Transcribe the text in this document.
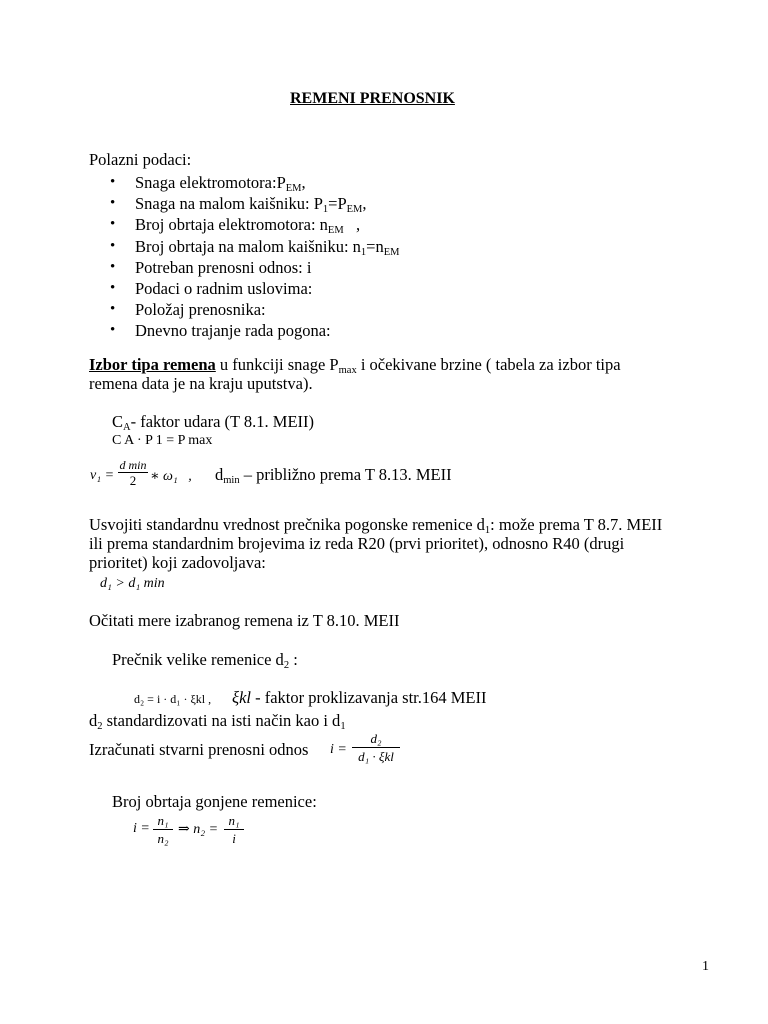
REMENI PRENOSNIK
Polazni podaci:
• Snaga $elektromotora:P_{EM}$,
• Snaga na malom kaišniku: $P_1=P_{EM}$,
• Broj obrtaja elektromotora: $n_{EM}$   ,
• Broj obrtaja na malom kaišniku: $n_1=n_{EM}$
• Potreban prenosni odnos: i
• Podaci o radnim uslovima:
• Položaj prenosnika:
• Dnevno trajanje rada pogona:
Izbor tipa remena u funkciji snage $P_{max}$ i očekivane brzine ( tabela za izbor tipa
remena data je na kraju uputstva).
$C_A-$ faktor udara (T 8.1. MEII)
C A · P 1 = P max
v₁ =
d min
2 ∗ ω₁   , $d_{min}$ – približno prema T 8.13. MEII
Usvojiti standardnu vrednost prečnika pogonske remenice $d_1$: može prema T 8.7. MEII
ili prema standardnim brojevima iz reda R20 (prvi prioritet), odnosno R40 (drugi
prioritet) koji zadovoljava:
d₁ > d₁ min
Očitati mere izabranog remena iz T 8.10. MEII
Prečnik velike remenice $d_2$ :
d₂ = i · d₁ · ξkl , ξkl - faktor proklizavanja str.164 MEII
$d_2$ standardizovati na isti način kao i $d_1$
Izračunati stvarni prenosni odnos i =
d₂
d₁ · ξkl
Broj obrtaja gonjene remenice:
$i = \frac{\text{n₁}}{\text{n₂}}$ ⇒ $n_2 = \frac{\text{n₁}}{i}$
1
